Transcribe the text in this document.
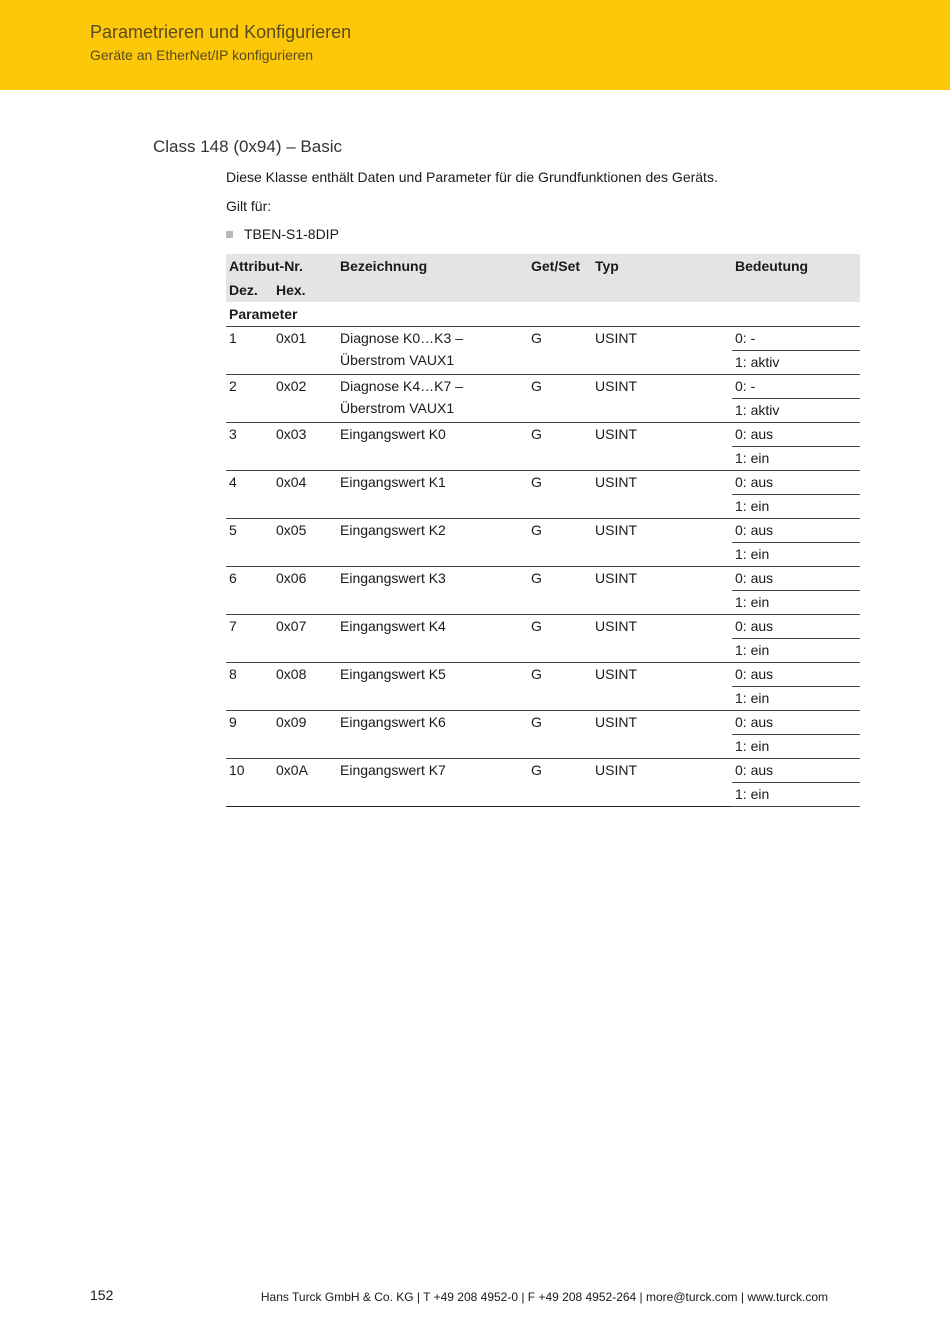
Parametrieren und Konfigurieren
Geräte an EtherNet/IP konfigurieren
Class 148 (0x94) – Basic
Diese Klasse enthält Daten und Parameter für die Grundfunktionen des Geräts.
Gilt für:
TBEN-S1-8DIP
Attribut-Nr.		Bezeichnung	Get/Set	Typ	Bedeutung
Dez.	Hex.				
Parameter					
1	0x01	Diagnose K0…K3 – Überstrom VAUX1	G	USINT	0: -
					1: aktiv
2	0x02	Diagnose K4…K7 – Überstrom VAUX1	G	USINT	0: -
					1: aktiv
3	0x03	Eingangswert K0	G	USINT	0: aus
					1: ein
4	0x04	Eingangswert K1	G	USINT	0: aus
					1: ein
5	0x05	Eingangswert K2	G	USINT	0: aus
					1: ein
6	0x06	Eingangswert K3	G	USINT	0: aus
					1: ein
7	0x07	Eingangswert K4	G	USINT	0: aus
					1: ein
8	0x08	Eingangswert K5	G	USINT	0: aus
					1: ein
9	0x09	Eingangswert K6	G	USINT	0: aus
					1: ein
10	0x0A	Eingangswert K7	G	USINT	0: aus
					1: ein
152	Hans Turck GmbH & Co. KG | T +49 208 4952-0 | F +49 208 4952-264 | more@turck.com | www.turck.com
